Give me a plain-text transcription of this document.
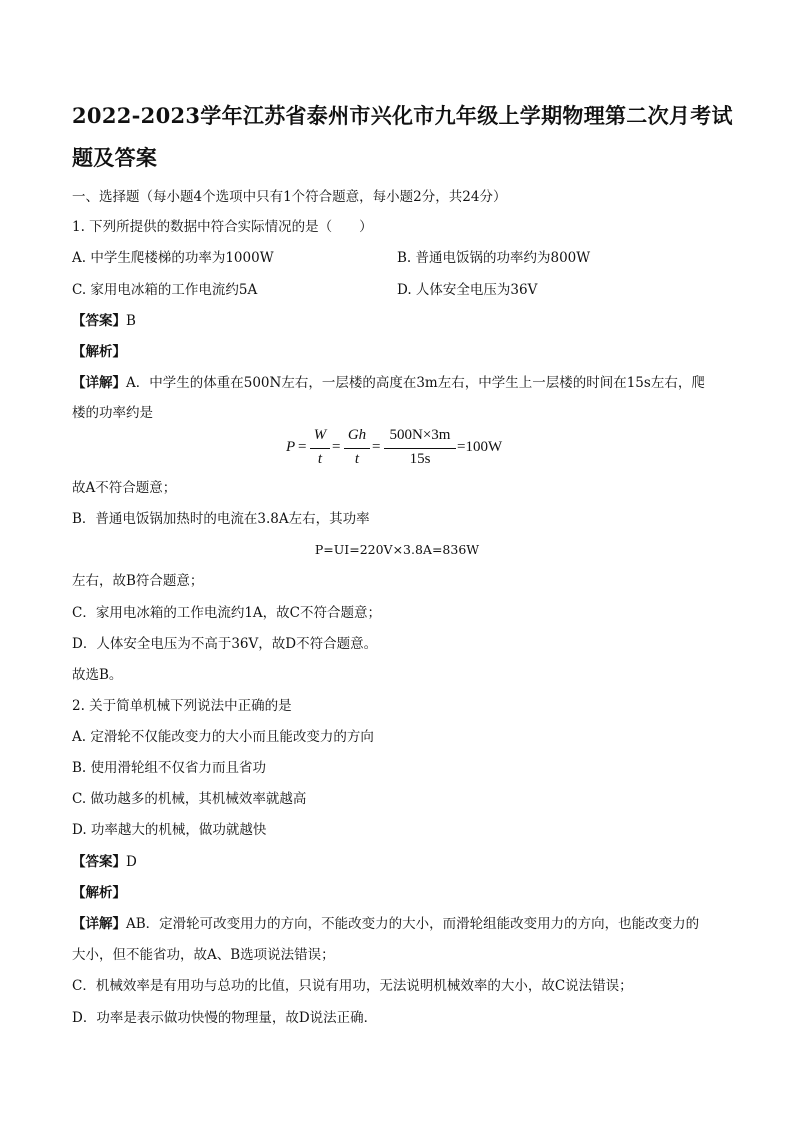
2022-2023学年江苏省泰州市兴化市九年级上学期物理第二次月考试
题及答案
一、选择题（每小题4个选项中只有1个符合题意，每小题2分，共24分）
1. 下列所提供的数据中符合实际情况的是（　　）
A. 中学生爬楼梯的功率为1000W	B. 普通电饭锅的功率约为800W
C. 家用电冰箱的工作电流约5A	D. 人体安全电压为36V
【答案】B
【解析】
【详解】A．中学生的体重在500N左右，一层楼的高度在3m左右，中学生上一层楼的时间在15s左右，爬
楼的功率约是
P =
W
t
=
Gh
t
=
500N×3m
15s
=100W
故A不符合题意；
B．普通电饭锅加热时的电流在3.8A左右，其功率
P=UI=220V×3.8A=836W
左右，故B符合题意；
C．家用电冰箱的工作电流约1A，故C不符合题意；
D．人体安全电压为不高于36V，故D不符合题意。
故选B。
2. 关于简单机械下列说法中正确的是
A. 定滑轮不仅能改变力的大小而且能改变力的方向
B. 使用滑轮组不仅省力而且省功
C. 做功越多的机械，其机械效率就越高
D. 功率越大的机械，做功就越快
【答案】D
【解析】
【详解】AB．定滑轮可改变用力的方向，不能改变力的大小，而滑轮组能改变用力的方向，也能改变力的
大小，但不能省功，故A、B选项说法错误；
C．机械效率是有用功与总功的比值，只说有用功，无法说明机械效率的大小，故C说法错误；
D．功率是表示做功快慢的物理量，故D说法正确．
